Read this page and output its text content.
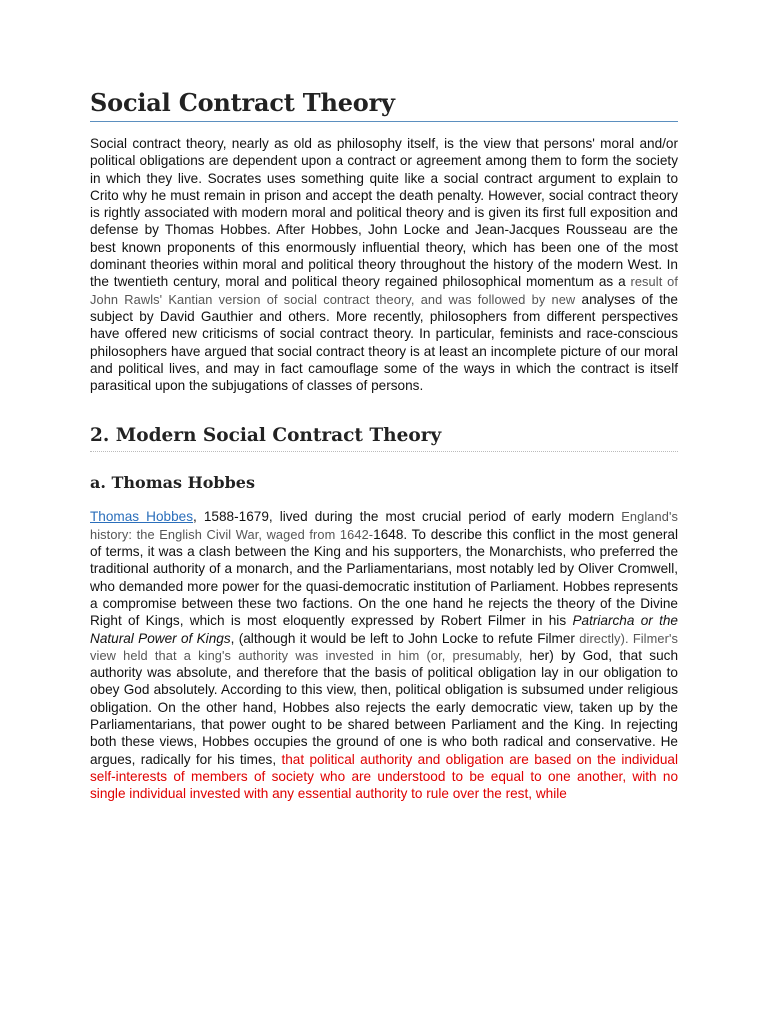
Social Contract Theory

Social contract theory, nearly as old as philosophy itself, is the view that persons' moral and/or political obligations are dependent upon a contract or agreement among them to form the society in which they live. Socrates uses something quite like a social contract argument to explain to Crito why he must remain in prison and accept the death penalty. However, social contract theory is rightly associated with modern moral and political theory and is given its first full exposition and defense by Thomas Hobbes. After Hobbes, John Locke and Jean-Jacques Rousseau are the best known proponents of this enormously influential theory, which has been one of the most dominant theories within moral and political theory throughout the history of the modern West. In the twentieth century, moral and political theory regained philosophical momentum as a result of John Rawls' Kantian version of social contract theory, and was followed by new analyses of the subject by David Gauthier and others. More recently, philosophers from different perspectives have offered new criticisms of social contract theory. In particular, feminists and race-conscious philosophers have argued that social contract theory is at least an incomplete picture of our moral and political lives, and may in fact camouflage some of the ways in which the contract is itself parasitical upon the subjugations of classes of persons.

2. Modern Social Contract Theory
a. Thomas Hobbes

Thomas Hobbes, 1588-1679, lived during the most crucial period of early modern England's history: the English Civil War, waged from 1642-1648. To describe this conflict in the most general of terms, it was a clash between the King and his supporters, the Monarchists, who preferred the traditional authority of a monarch, and the Parliamentarians, most notably led by Oliver Cromwell, who demanded more power for the quasi-democratic institution of Parliament. Hobbes represents a compromise between these two factions. On the one hand he rejects the theory of the Divine Right of Kings, which is most eloquently expressed by Robert Filmer in his Patriarcha or the Natural Power of Kings, (although it would be left to John Locke to refute Filmer directly). Filmer's view held that a king's authority was invested in him (or, presumably, her) by God, that such authority was absolute, and therefore that the basis of political obligation lay in our obligation to obey God absolutely. According to this view, then, political obligation is subsumed under religious obligation. On the other hand, Hobbes also rejects the early democratic view, taken up by the Parliamentarians, that power ought to be shared between Parliament and the King. In rejecting both these views, Hobbes occupies the ground of one is who both radical and conservative. He argues, radically for his times, that political authority and obligation are based on the individual self-interests of members of society who are understood to be equal to one another, with no single individual invested with any essential authority to rule over the rest, while
